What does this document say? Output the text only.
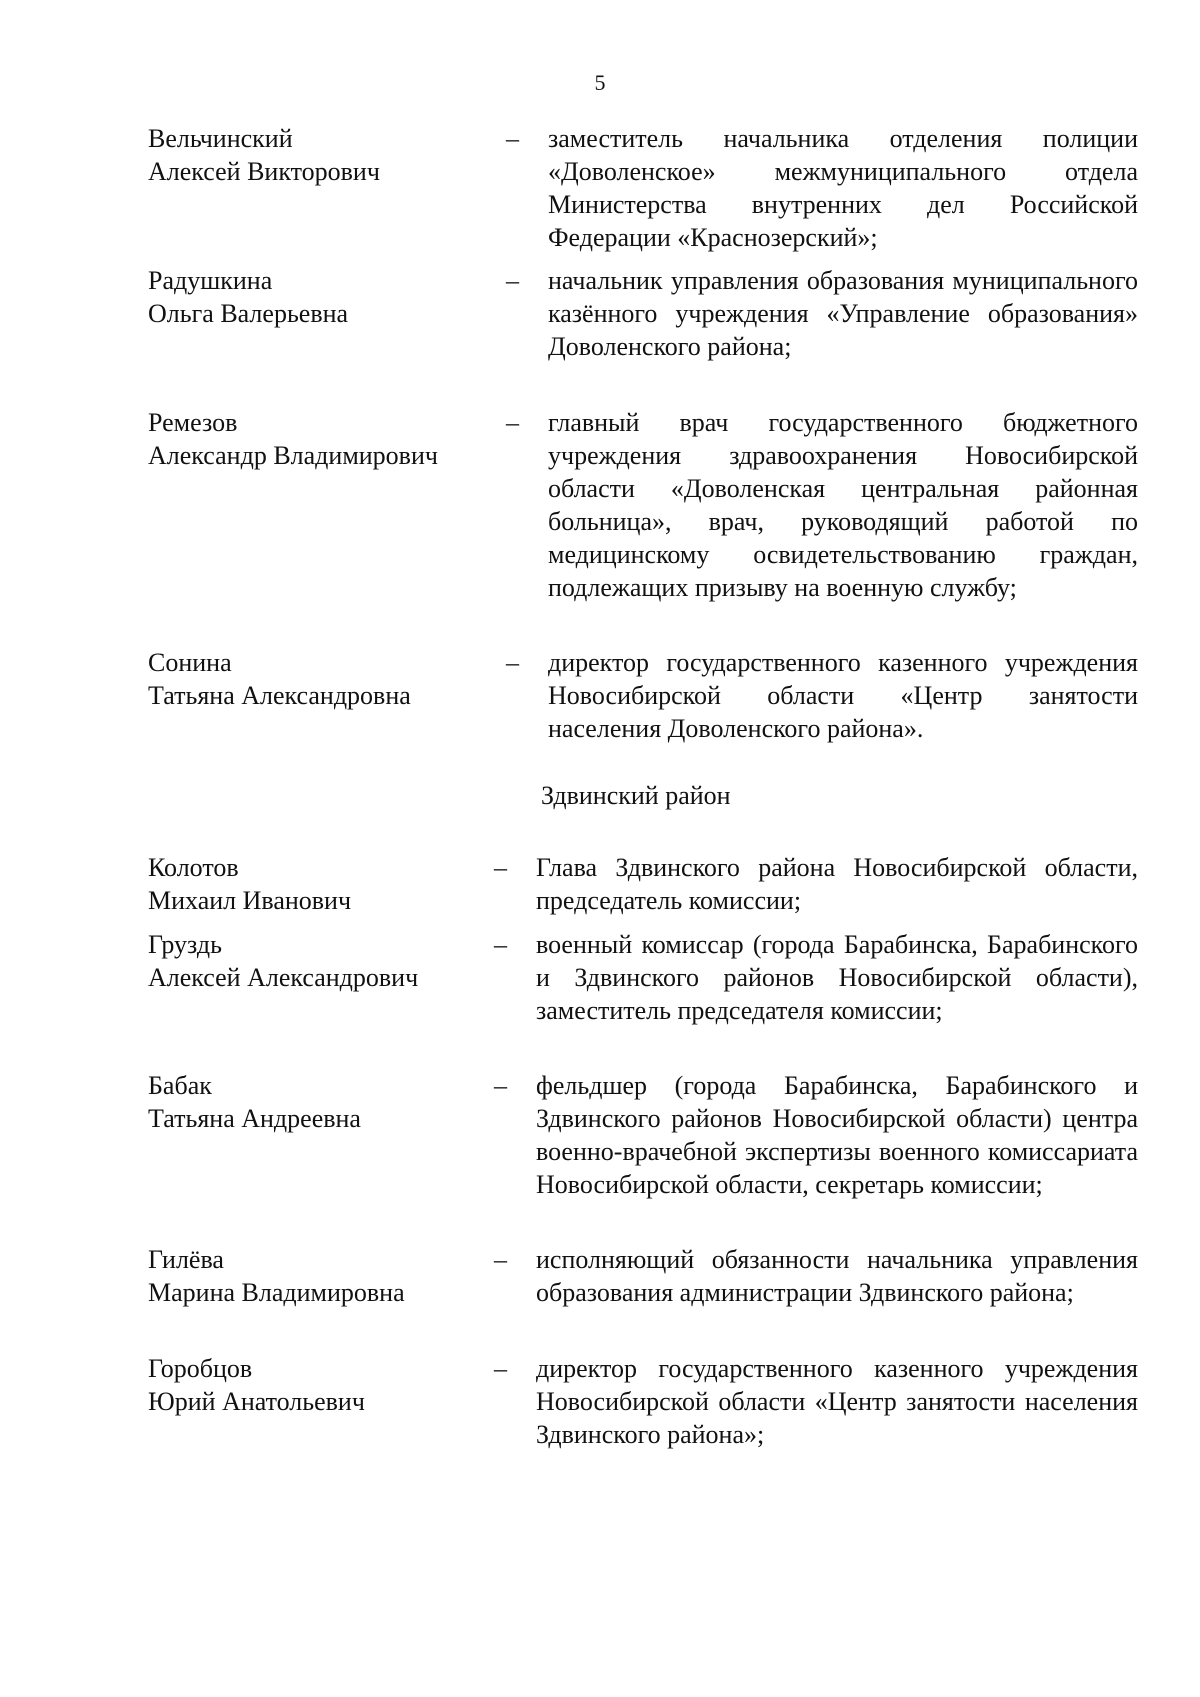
5
Вельчинский
Алексей Викторович
–	заместитель начальника отделения полиции «Доволенское» межмуниципального отдела Министерства внутренних дел Российской Федерации «Краснозерский»;
Радушкина
Ольга Валерьевна
–	начальник управления образования муниципального казённого учреждения «Управление образования» Доволенского района;
Ремезов
Александр Владимирович
–	главный врач государственного бюджетного учреждения здравоохранения Новосибирской области «Доволенская центральная районная больница», врач, руководящий работой по медицинскому освидетельствованию граждан, подлежащих призыву на военную службу;
Сонина
Татьяна Александровна
–	директор государственного казенного учреждения Новосибирской области «Центр занятости населения Доволенского района».
Здвинский район
Колотов
Михаил Иванович
–	Глава Здвинского района Новосибирской области, председатель комиссии;
Груздь
Алексей Александрович
–	военный комиссар (города Барабинска, Барабинского и Здвинского районов Новосибирской области), заместитель председателя комиссии;
Бабак
Татьяна Андреевна
–	фельдшер (города Барабинска, Барабинского и Здвинского районов Новосибирской области) центра военно-врачебной экспертизы военного комиссариата Новосибирской области, секретарь комиссии;
Гилёва
Марина Владимировна
–	исполняющий обязанности начальника управления образования администрации Здвинского района;
Горобцов
Юрий Анатольевич
–	директор государственного казенного учреждения Новосибирской области «Центр занятости населения Здвинского района»;
